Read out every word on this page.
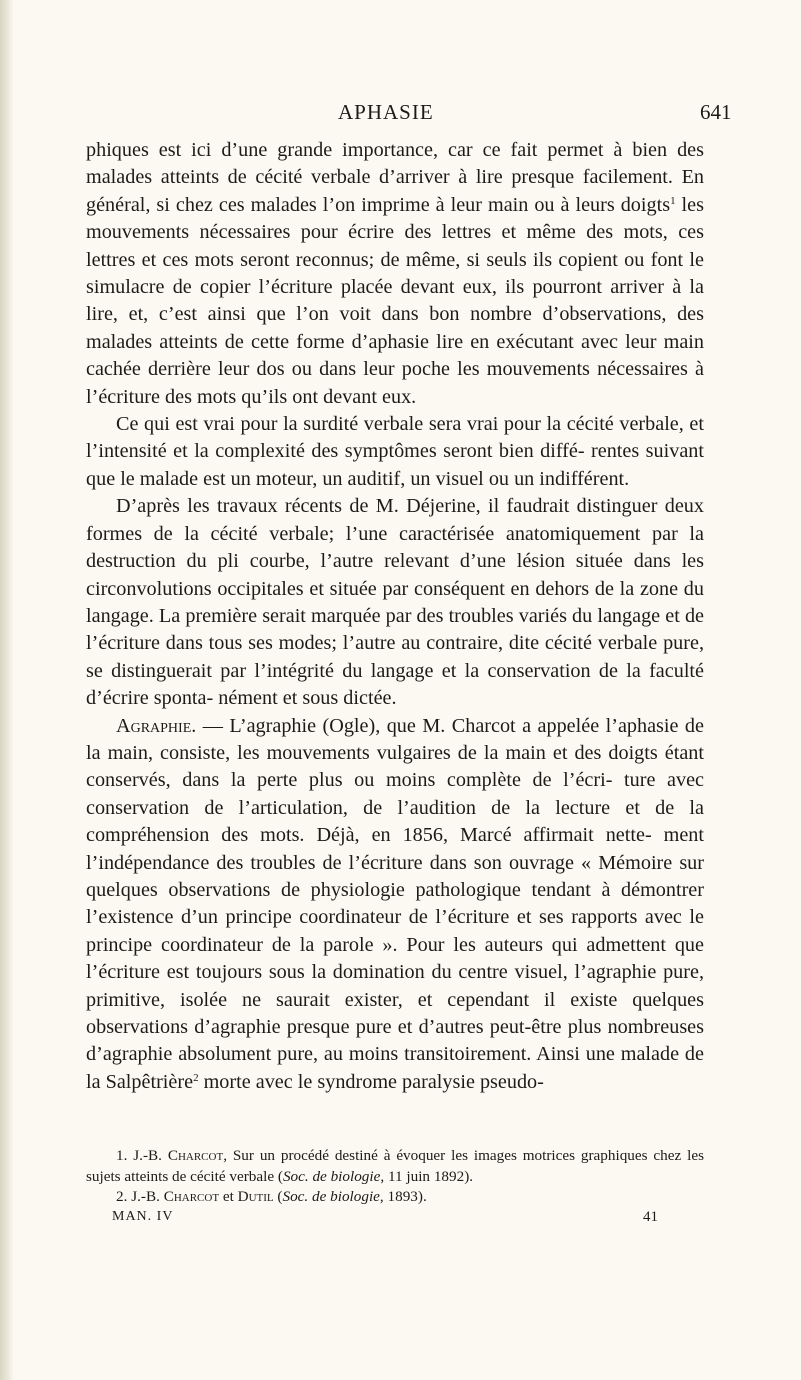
APHASIE	641

phiques est ici d’une grande importance, car ce fait permet à bien des malades atteints de cécité verbale d’arriver à lire presque facilement. En général, si chez ces malades l’on imprime à leur main ou à leurs doigts$^1$ les mouvements nécessaires pour écrire des lettres et même des mots, ces lettres et ces mots seront reconnus; de même, si seuls ils copient ou font le simulacre de copier l’écriture placée devant eux, ils pourront arriver à la lire, et, c’est ainsi que l’on voit dans bon nombre d’observations, des malades atteints de cette forme d’aphasie lire en exécutant avec leur main cachée derrière leur dos ou dans leur poche les mouvements nécessaires à l’écriture des mots qu’ils ont devant eux.

Ce qui est vrai pour la surdité verbale sera vrai pour la cécité verbale, et l’intensité et la complexité des symptômes seront bien diffé- rentes suivant que le malade est un moteur, un auditif, un visuel ou un indifférent.

D’après les travaux récents de M. Déjerine, il faudrait distinguer deux formes de la cécité verbale; l’une caractérisée anatomiquement par la destruction du pli courbe, l’autre relevant d’une lésion située dans les circonvolutions occipitales et située par conséquent en dehors de la zone du langage. La première serait marquée par des troubles variés du langage et de l’écriture dans tous ses modes; l’autre au contraire, dite cécité verbale pure, se distinguerait par l’intégrité du langage et la conservation de la faculté d’écrire sponta- nément et sous dictée.

Agraphie. — L’agraphie (Ogle), que M. Charcot a appelée l’aphasie de la main, consiste, les mouvements vulgaires de la main et des doigts étant conservés, dans la perte plus ou moins complète de l’écri- ture avec conservation de l’articulation, de l’audition de la lecture et de la compréhension des mots. Déjà, en 1856, Marcé affirmait nette- ment l’indépendance des troubles de l’écriture dans son ouvrage « Mémoire sur quelques observations de physiologie pathologique tendant à démontrer l’existence d’un principe coordinateur de l’écriture et ses rapports avec le principe coordinateur de la parole ». Pour les auteurs qui admettent que l’écriture est toujours sous la domination du centre visuel, l’agraphie pure, primitive, isolée ne saurait exister, et cependant il existe quelques observations d’agraphie presque pure et d’autres peut-être plus nombreuses d’agraphie absolument pure, au moins transitoirement. Ainsi une malade de la Salpêtrière$^2$ morte avec le syndrome paralysie pseudo-

1. J.-B. Charcot, Sur un procédé destiné à évoquer les images motrices graphiques chez les sujets atteints de cécité verbale (Soc. de biologie, 11 juin 1892).

2. J.-B. Charcot et Dutil (Soc. de biologie, 1893).

MAN. IV	41
